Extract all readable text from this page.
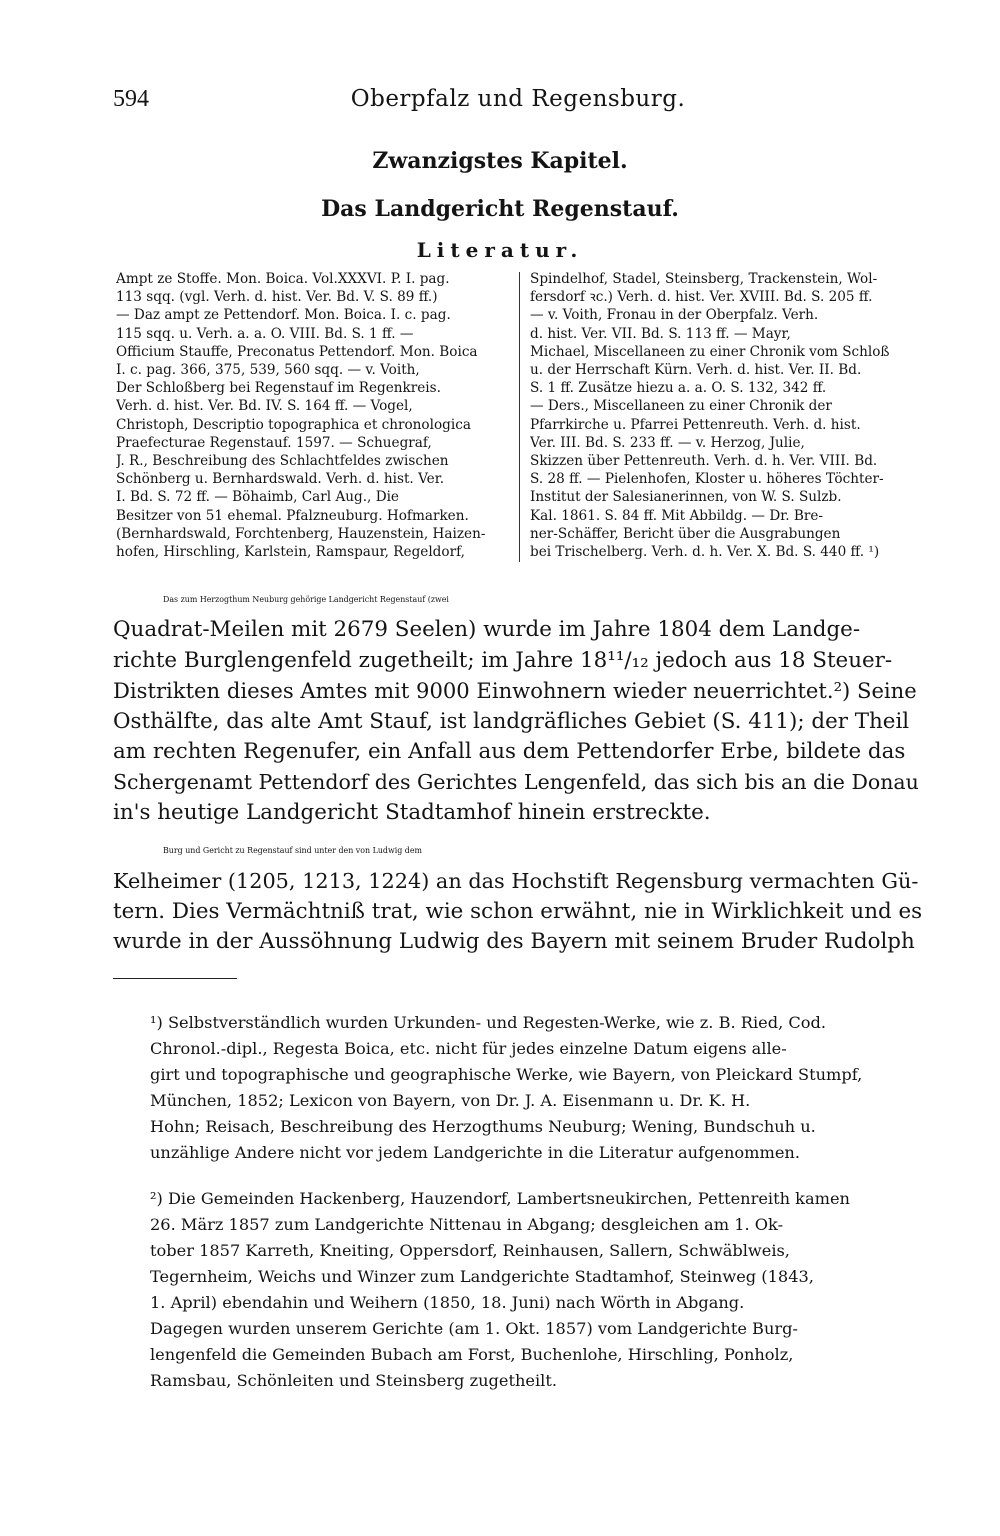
594	Oberpfalz und Regensburg.
Zwanzigstes Kapitel.
Das Landgericht Regenstauf.
Literatur.
Ampt ze Stoffe. Mon. Boica. Vol.XXXVI. P. I. pag.
113 sqq. (vgl. Verh. d. hist. Ver. Bd. V. S. 89 ff.)
— Daz ampt ze Pettendorf. Mon. Boica. I. c. pag.
115 sqq. u. Verh. a. a. O. VIII. Bd. S. 1 ff. —
Officium Stauffe, Preconatus Pettendorf. Mon. Boica
I. c. pag. 366, 375, 539, 560 sqq. — v. Voith,
Der Schloßberg bei Regenstauf im Regenkreis.
Verh. d. hist. Ver. Bd. IV. S. 164 ff. — Vogel,
Christoph, Descriptio topographica et chronologica
Praefecturae Regenstauf. 1597. — Schuegraf,
J. R., Beschreibung des Schlachtfeldes zwischen
Schönberg u. Bernhardswald. Verh. d. hist. Ver.
I. Bd. S. 72 ff. — Böhaimb, Carl Aug., Die
Besitzer von 51 ehemal. Pfalzneuburg. Hofmarken.
(Bernhardswald, Forchtenberg, Hauzenstein, Haizen-
hofen, Hirschling, Karlstein, Ramspaur, Regeldorf,
Spindelhof, Stadel, Steinsberg, Trackenstein, Wol-
fersdorf ꝛc.) Verh. d. hist. Ver. XVIII. Bd. S. 205 ff.
— v. Voith, Fronau in der Oberpfalz. Verh.
d. hist. Ver. VII. Bd. S. 113 ff. — Mayr,
Michael, Miscellaneen zu einer Chronik vom Schloß
u. der Herrschaft Kürn. Verh. d. hist. Ver. II. Bd.
S. 1 ff. Zusätze hiezu a. a. O. S. 132, 342 ff.
— Ders., Miscellaneen zu einer Chronik der
Pfarrkirche u. Pfarrei Pettenreuth. Verh. d. hist.
Ver. III. Bd. S. 233 ff. — v. Herzog, Julie,
Skizzen über Pettenreuth. Verh. d. h. Ver. VIII. Bd.
S. 28 ff. — Pielenhofen, Kloster u. höheres Töchter-
Institut der Salesianerinnen, von W. S. Sulzb.
Kal. 1861. S. 84 ff. Mit Abbildg. — Dr. Bre-
ner-Schäffer, Bericht über die Ausgrabungen
bei Trischelberg. Verh. d. h. Ver. X. Bd. S. 440 ff. ¹)
Das zum Herzogthum Neuburg gehörige Landgericht Regenstauf (zwei
Quadrat-Meilen mit 2679 Seelen) wurde im Jahre 1804 dem Landge-
richte Burglengenfeld zugetheilt; im Jahre 18¹¹/₁₂ jedoch aus 18 Steuer-
Distrikten dieses Amtes mit 9000 Einwohnern wieder neuerrichtet.²) Seine
Osthälfte, das alte Amt Stauf, ist landgräfliches Gebiet (S. 411); der Theil
am rechten Regenufer, ein Anfall aus dem Pettendorfer Erbe, bildete das
Schergenamt Pettendorf des Gerichtes Lengenfeld, das sich bis an die Donau
in's heutige Landgericht Stadtamhof hinein erstreckte.
Burg und Gericht zu Regenstauf sind unter den von Ludwig dem
Kelheimer (1205, 1213, 1224) an das Hochstift Regensburg vermachten Gü-
tern. Dies Vermächtniß trat, wie schon erwähnt, nie in Wirklichkeit und es
wurde in der Aussöhnung Ludwig des Bayern mit seinem Bruder Rudolph
¹) Selbstverständlich wurden Urkunden- und Regesten-Werke, wie z. B. Ried, Cod.
Chronol.-dipl., Regesta Boica, etc. nicht für jedes einzelne Datum eigens alle-
girt und topographische und geographische Werke, wie Bayern, von Pleickard Stumpf,
München, 1852; Lexicon von Bayern, von Dr. J. A. Eisenmann u. Dr. K. H.
Hohn; Reisach, Beschreibung des Herzogthums Neuburg; Wening, Bundschuh u.
unzählige Andere nicht vor jedem Landgerichte in die Literatur aufgenommen.
²) Die Gemeinden Hackenberg, Hauzendorf, Lambertsneukirchen, Pettenreith kamen
26. März 1857 zum Landgerichte Nittenau in Abgang; desgleichen am 1. Ok-
tober 1857 Karreth, Kneiting, Oppersdorf, Reinhausen, Sallern, Schwäblweis,
Tegernheim, Weichs und Winzer zum Landgerichte Stadtamhof, Steinweg (1843,
1. April) ebendahin und Weihern (1850, 18. Juni) nach Wörth in Abgang.
Dagegen wurden unserem Gerichte (am 1. Okt. 1857) vom Landgerichte Burg-
lengenfeld die Gemeinden Bubach am Forst, Buchenlohe, Hirschling, Ponholz,
Ramsbau, Schönleiten und Steinsberg zugetheilt.
